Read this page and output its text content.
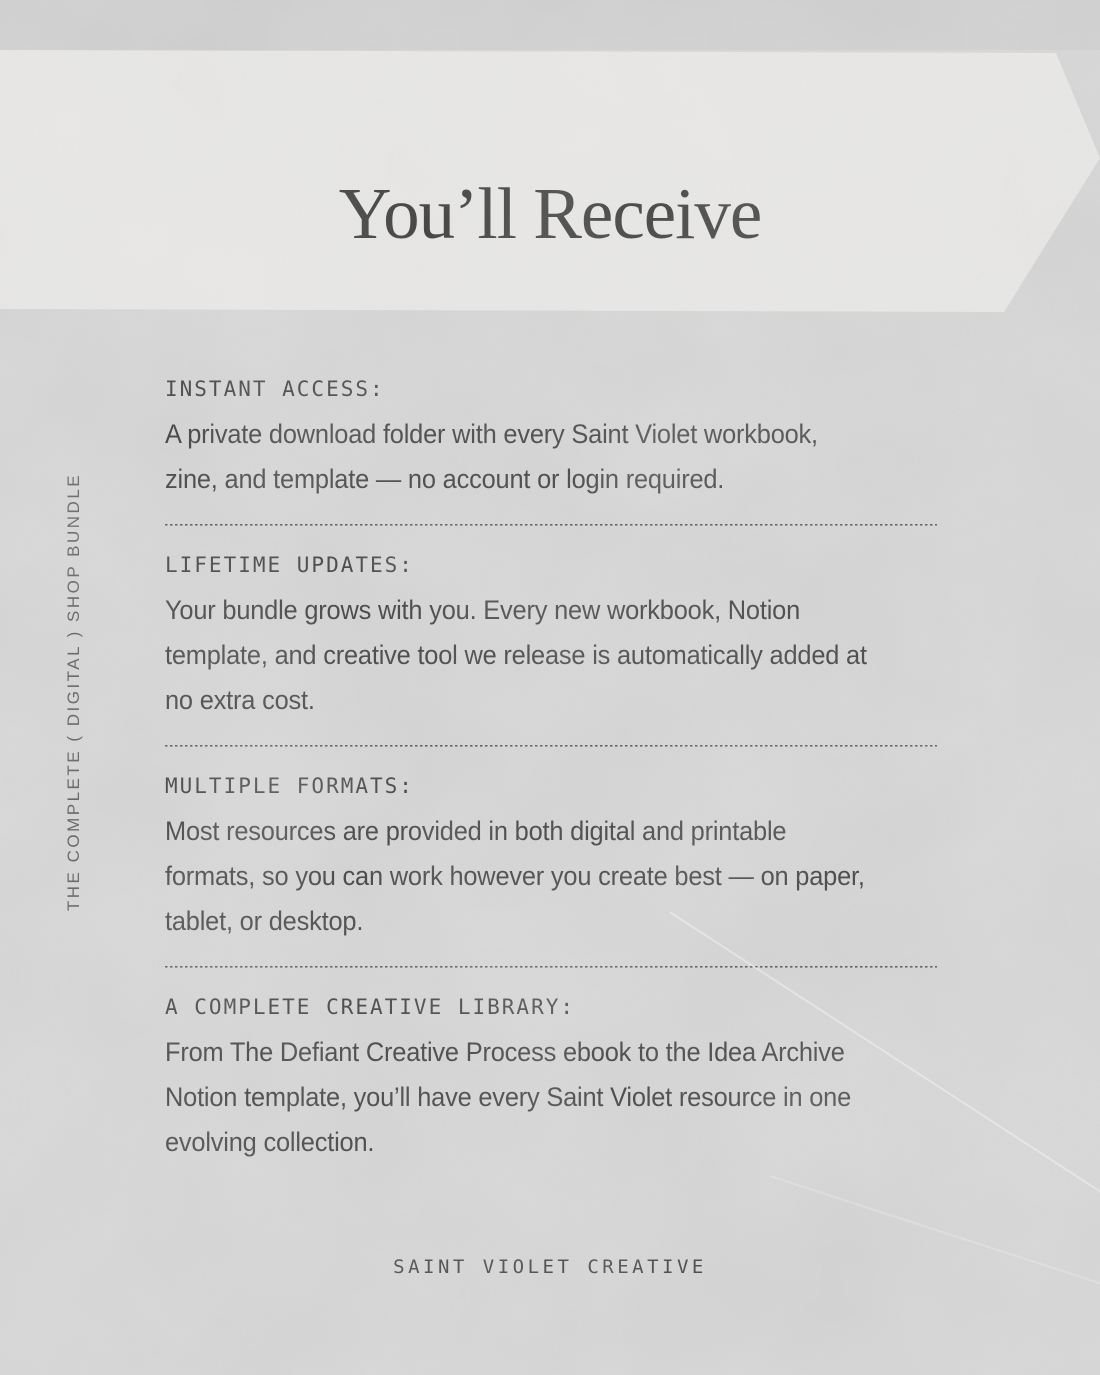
You’ll Receive
THE COMPLETE ( DIGITAL ) SHOP BUNDLE
INSTANT ACCESS:
A private download folder with every Saint Violet workbook,
zine, and template — no account or login required.
LIFETIME UPDATES:
Your bundle grows with you. Every new workbook, Notion
template, and creative tool we release is automatically added at
no extra cost.
MULTIPLE FORMATS:
Most resources are provided in both digital and printable
formats, so you can work however you create best — on paper,
tablet, or desktop.
A COMPLETE CREATIVE LIBRARY:
From The Defiant Creative Process ebook to the Idea Archive
Notion template, you’ll have every Saint Violet resource in one
evolving collection.
SAINT VIOLET CREATIVE
